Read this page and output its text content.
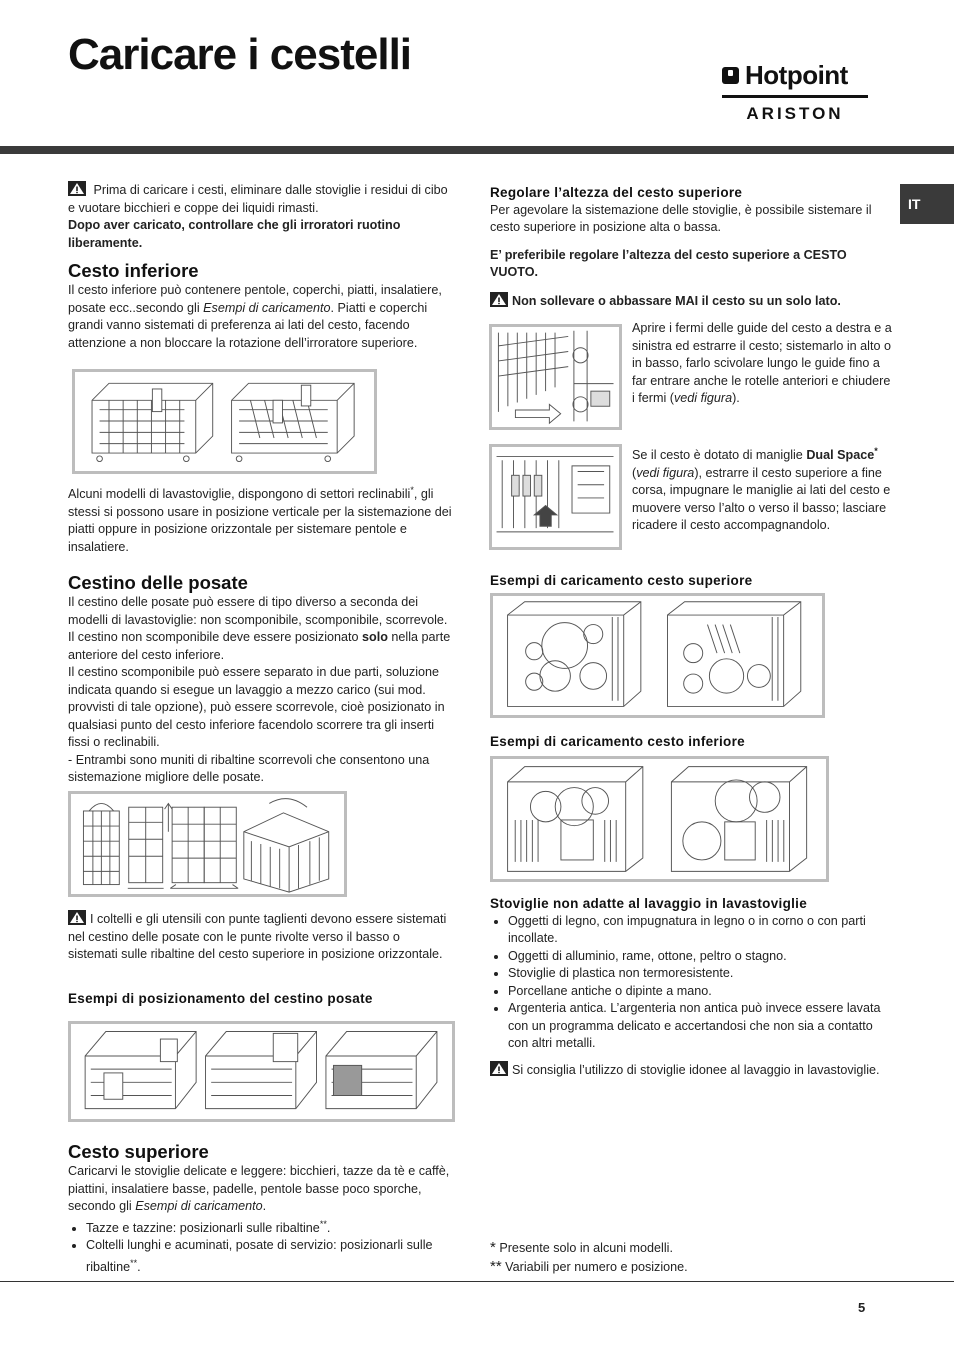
Caricare i cestelli	Hotpoint
ARISTON
IT

Prima di caricare i cesti, eliminare dalle stoviglie i residui di cibo e vuotare bicchieri e coppe dei liquidi rimasti.

Dopo aver caricato, controllare che gli irroratori ruotino liberamente.

Cesto inferiore

Il cesto inferiore può contenere pentole, coperchi, piatti, insalatiere, posate ecc..secondo gli Esempi di caricamento. Piatti e coperchi grandi vanno sistemati di preferenza ai lati del cesto, facendo attenzione a non bloccare la rotazione dell’irroratore superiore.

Alcuni modelli di lavastoviglie, dispongono di settori reclinabili*, gli stessi si possono usare in posizione verticale per la sistemazione dei piatti oppure in posizione orizzontale per sistemare pentole e insalatiere.

Cestino delle posate

Il cestino delle posate può essere di tipo diverso a seconda dei modelli di lavastoviglie: non scomponibile, scomponibile, scorrevole. Il cestino non scomponibile deve essere posizionato solo nella parte anteriore del cesto inferiore.

Il cestino scomponibile può essere separato in due parti, soluzione indicata quando si esegue un lavaggio a mezzo carico (sui mod. provvisti di tale opzione), può essere scorrevole, cioè posizionato in qualsiasi punto del cesto inferiore facendolo scorrere tra gli inserti fissi o reclinabili.

- Entrambi sono muniti di ribaltine scorrevoli che consentono una sistemazione migliore delle posate.

I coltelli e gli utensili con punte taglienti devono essere sistemati nel cestino delle posate con le punte rivolte verso il basso o sistemati sulle ribaltine del cesto superiore in posizione orizzontale.

Esempi di posizionamento del cestino posate
Cesto superiore

Caricarvi le stoviglie delicate e leggere: bicchieri, tazze da tè e caffè, piattini, insalatiere basse, padelle, pentole basse poco sporche, secondo gli Esempi di caricamento.

• Tazze e tazzine: posizionarli sulle ribaltine**.
• Coltelli lunghi e acuminati, posate di servizio: posizionarli sulle ribaltine**.
Regolare l’altezza del cesto superiore

Per agevolare la sistemazione delle stoviglie, è possibile sistemare il cesto superiore in posizione alta o bassa.

E’ preferibile regolare l’altezza del cesto superiore a CESTO VUOTO.

Non sollevare o abbassare MAI il cesto su un solo lato.

Aprire i fermi delle guide del cesto a destra e a sinistra ed estrarre il cesto; sistemarlo in alto o in basso, farlo scivolare lungo le guide fino a far entrare anche le rotelle anteriori e chiudere i fermi (vedi figura).

Se il cesto è dotato di maniglie Dual Space* (vedi figura), estrarre il cesto superiore a fine corsa, impugnare le maniglie ai lati del cesto e muovere verso l’alto o verso il basso; lasciare ricadere il cesto accompagnandolo.

Esempi di caricamento cesto superiore
Esempi di caricamento cesto inferiore
Stoviglie non adatte al lavaggio in lavastoviglie
• Oggetti di legno, con impugnatura in legno o in corno o con parti incollate.
• Oggetti di alluminio, rame, ottone, peltro o stagno.
• Stoviglie di plastica non termoresistente.
• Porcellane antiche o dipinte a mano.
• Argenteria antica. L’argenteria non antica può invece essere lavata con un programma delicato e accertandosi che non sia a contatto con altri metalli.

Si consiglia l’utilizzo di stoviglie idonee al lavaggio in lavastoviglie.

* Presente solo in alcuni modelli.

** Variabili per numero e posizione.

5
